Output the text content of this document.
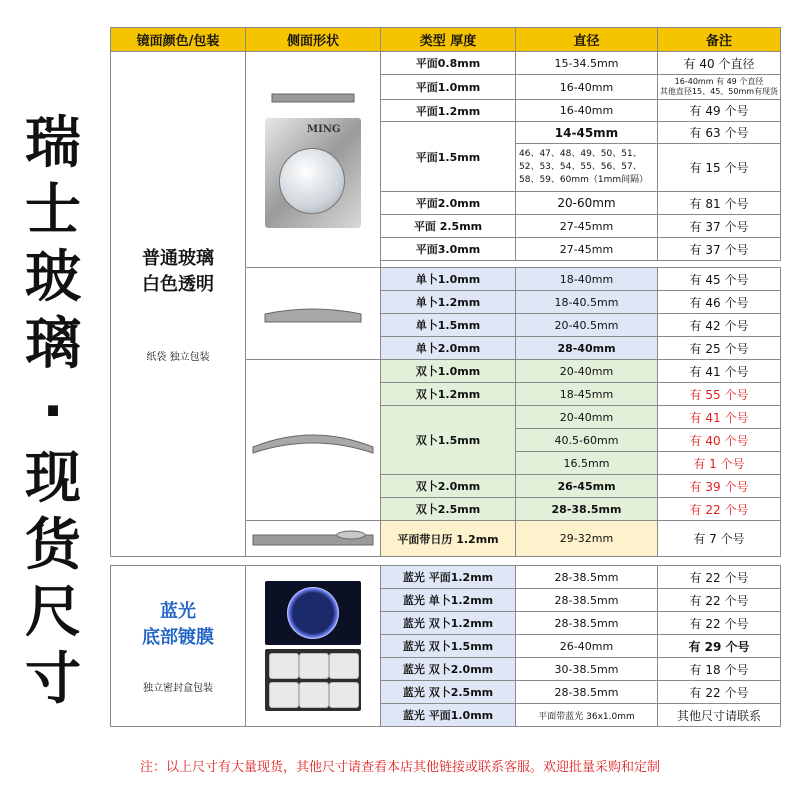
瑞
士
玻
璃
·
现
货
尺
寸
镜面颜色/包装	侧面形状	类型 厚度	直径	备注

普通玻璃
白色透明
纸袋 独立包装	MING	平面0.8mm	15-34.5mm	有 40 个直径
		平面1.0mm	16-40mm	16-40mm 有 49 个直径
其他直径15、45、50mm有现货

		平面1.2mm	16-40mm	有 49 个号
		平面1.5mm	14-45mm	有 63 个号
			46、47、48、49、50、51、52、53、54、55、56、57、58、59、60mm（1mm间隔）	有 15 个号
		平面2.0mm	20-60mm	有 81 个号
		平面 2.5mm	27-45mm	有 37 个号
		平面3.0mm	27-45mm	有 37 个号

	单卜1.0mm	18-40mm	有 45 个号
		单卜1.2mm	18-40.5mm	有 46 个号
		单卜1.5mm	20-40.5mm	有 42 个号
		单卜2.0mm	28-40mm	有 25 个号

	双卜1.0mm	20-40mm	有 41 个号
		双卜1.2mm	18-45mm	有 55 个号
		双卜1.5mm	20-40mm	有 41 个号
			40.5-60mm	有 40 个号
			16.5mm	有 1 个号
		双卜2.0mm	26-45mm	有 39 个号
		双卜2.5mm	28-38.5mm	有 22 个号

	平面带日历 1.2mm	29-32mm	有 7 个号

蓝光
底部镀膜
独立密封盒包装		蓝光 平面1.2mm	28-38.5mm	有 22 个号
		蓝光 单卜1.2mm	28-38.5mm	有 22 个号
		蓝光 双卜1.2mm	28-38.5mm	有 22 个号
		蓝光 双卜1.5mm	26-40mm	有 29 个号
		蓝光 双卜2.0mm	30-38.5mm	有 18 个号
		蓝光 双卜2.5mm	28-38.5mm	有 22 个号
		蓝光 平面1.0mm	平面带蓝光 36x1.0mm	其他尺寸请联系
注：以上尺寸有大量现货，其他尺寸请查看本店其他链接或联系客服。欢迎批量采购和定制
